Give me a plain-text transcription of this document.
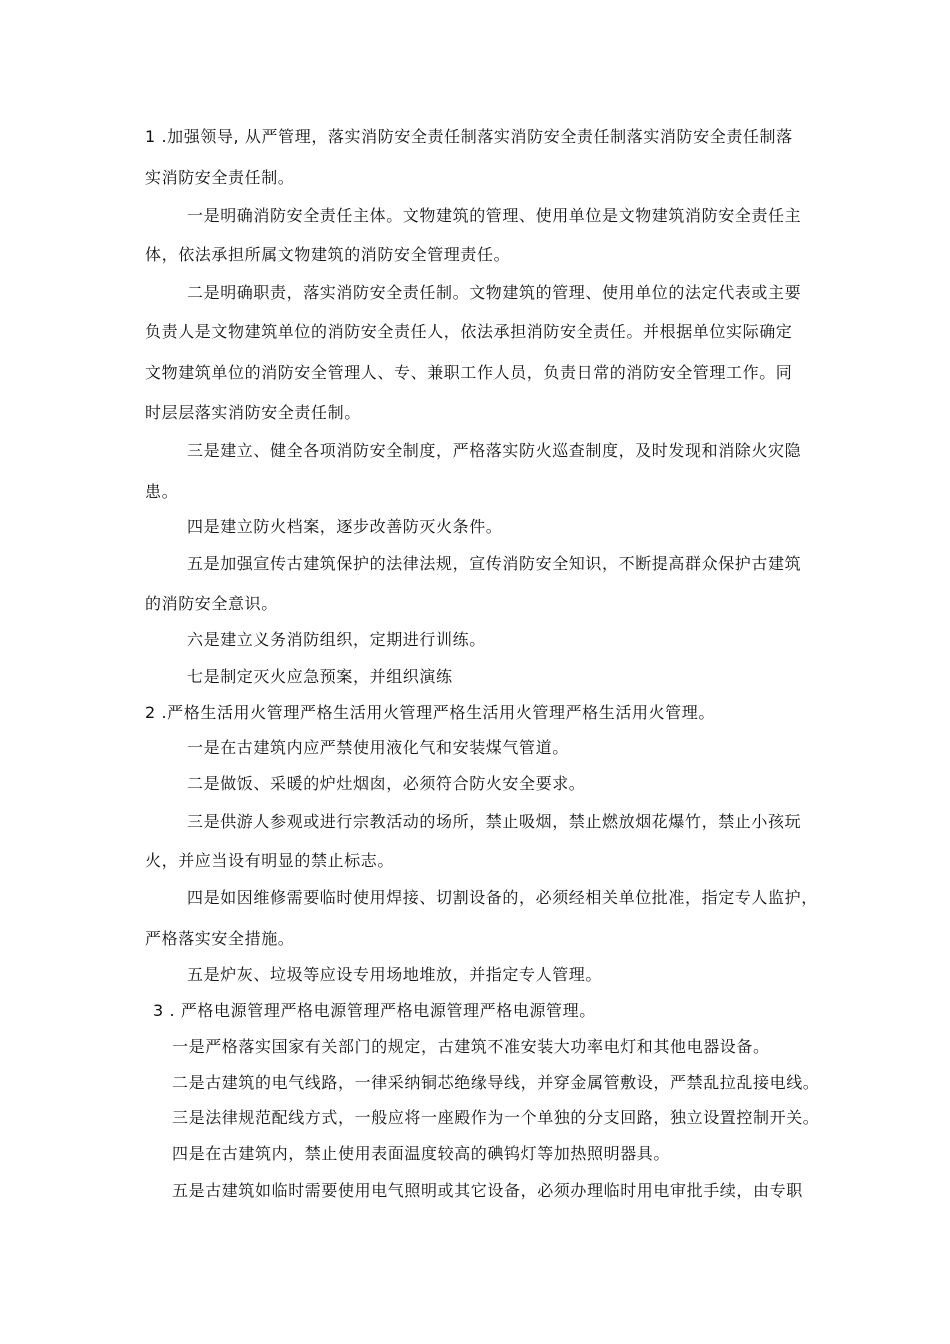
1 .加强领导, 从严管理，落实消防安全责任制落实消防安全责任制落实消防安全责任制落
实消防安全责任制。
一是明确消防安全责任主体。文物建筑的管理、使用单位是文物建筑消防安全责任主
体，依法承担所属文物建筑的消防安全管理责任。
二是明确职责，落实消防安全责任制。文物建筑的管理、使用单位的法定代表或主要
负责人是文物建筑单位的消防安全责任人，依法承担消防安全责任。并根据单位实际确定
文物建筑单位的消防安全管理人、专、兼职工作人员，负责日常的消防安全管理工作。同
时层层落实消防安全责任制。
三是建立、健全各项消防安全制度，严格落实防火巡查制度，及时发现和消除火灾隐
患。
四是建立防火档案，逐步改善防灭火条件。
五是加强宣传古建筑保护的法律法规，宣传消防安全知识，不断提高群众保护古建筑
的消防安全意识。
六是建立义务消防组织，定期进行训练。
七是制定灭火应急预案，并组织演练
2 .严格生活用火管理严格生活用火管理严格生活用火管理严格生活用火管理。
一是在古建筑内应严禁使用液化气和安装煤气管道。
二是做饭、采暖的炉灶烟囱，必须符合防火安全要求。
三是供游人参观或进行宗教活动的场所，禁止吸烟，禁止燃放烟花爆竹，禁止小孩玩
火，并应当设有明显的禁止标志。
四是如因维修需要临时使用焊接、切割设备的，必须经相关单位批准，指定专人监护，
严格落实安全措施。
五是炉灰、垃圾等应设专用场地堆放，并指定专人管理。
3 . 严格电源管理严格电源管理严格电源管理严格电源管理。
一是严格落实国家有关部门的规定，古建筑不准安装大功率电灯和其他电器设备。
二是古建筑的电气线路，一律采纳铜芯绝缘导线，并穿金属管敷设，严禁乱拉乱接电线。
三是法律规范配线方式，一般应将一座殿作为一个单独的分支回路，独立设置控制开关。
四是在古建筑内，禁止使用表面温度较高的碘钨灯等加热照明器具。
五是古建筑如临时需要使用电气照明或其它设备，必须办理临时用电审批手续，由专职
